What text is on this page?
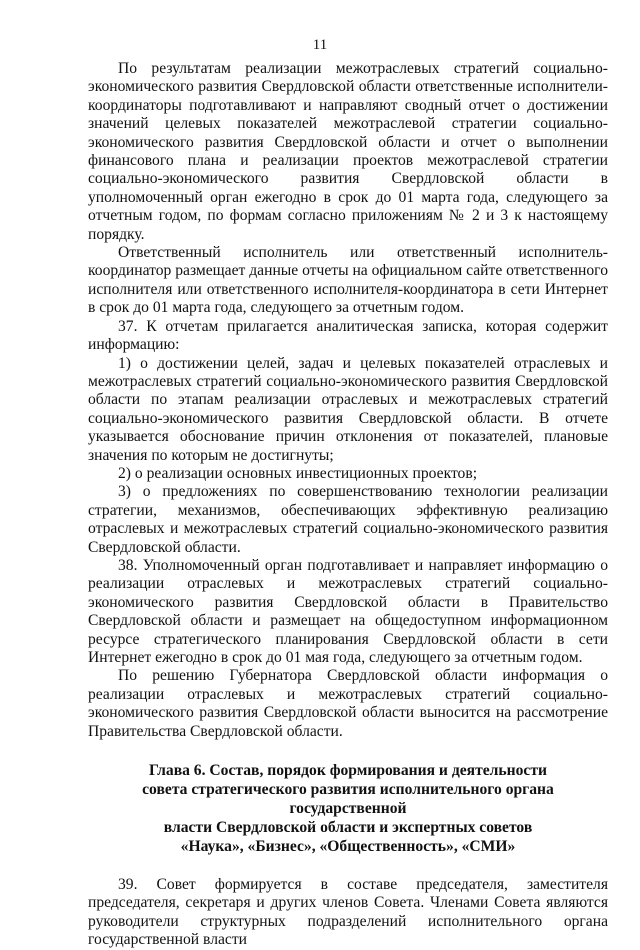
11

По результатам реализации межотраслевых стратегий социально-экономического развития Свердловской области ответственные исполнители-координаторы подготавливают и направляют сводный отчет о достижении значений целевых показателей межотраслевой стратегии социально-экономического развития Свердловской области и отчет о выполнении финансового плана и реализации проектов межотраслевой стратегии социально-экономического развития Свердловской области в уполномоченный орган ежегодно в срок до 01 марта года, следующего за отчетным годом, по формам согласно приложениям № 2 и 3 к настоящему порядку.

Ответственный исполнитель или ответственный исполнитель-координатор размещает данные отчеты на официальном сайте ответственного исполнителя или ответственного исполнителя-координатора в сети Интернет в срок до 01 марта года, следующего за отчетным годом.

37. К отчетам прилагается аналитическая записка, которая содержит информацию:

1) о достижении целей, задач и целевых показателей отраслевых и межотраслевых стратегий социально-экономического развития Свердловской области по этапам реализации отраслевых и межотраслевых стратегий социально-экономического развития Свердловской области. В отчете указывается обоснование причин отклонения от показателей, плановые значения по которым не достигнуты;

2) о реализации основных инвестиционных проектов;

3) о предложениях по совершенствованию технологии реализации стратегии, механизмов, обеспечивающих эффективную реализацию отраслевых и межотраслевых стратегий социально-экономического развития Свердловской области.

38. Уполномоченный орган подготавливает и направляет информацию о реализации отраслевых и межотраслевых стратегий социально-экономического развития Свердловской области в Правительство Свердловской области и размещает на общедоступном информационном ресурсе стратегического планирования Свердловской области в сети Интернет ежегодно в срок до 01 мая года, следующего за отчетным годом.

По решению Губернатора Свердловской области информация о реализации отраслевых и межотраслевых стратегий социально-экономического развития Свердловской области выносится на рассмотрение Правительства Свердловской области.

Глава 6. Состав, порядок формирования и деятельности
совета стратегического развития исполнительного органа государственной
власти Свердловской области и экспертных советов
«Наука», «Бизнес», «Общественность», «СМИ»

39. Совет формируется в составе председателя, заместителя председателя, секретаря и других членов Совета. Членами Совета являются руководители структурных подразделений исполнительного органа государственной власти
